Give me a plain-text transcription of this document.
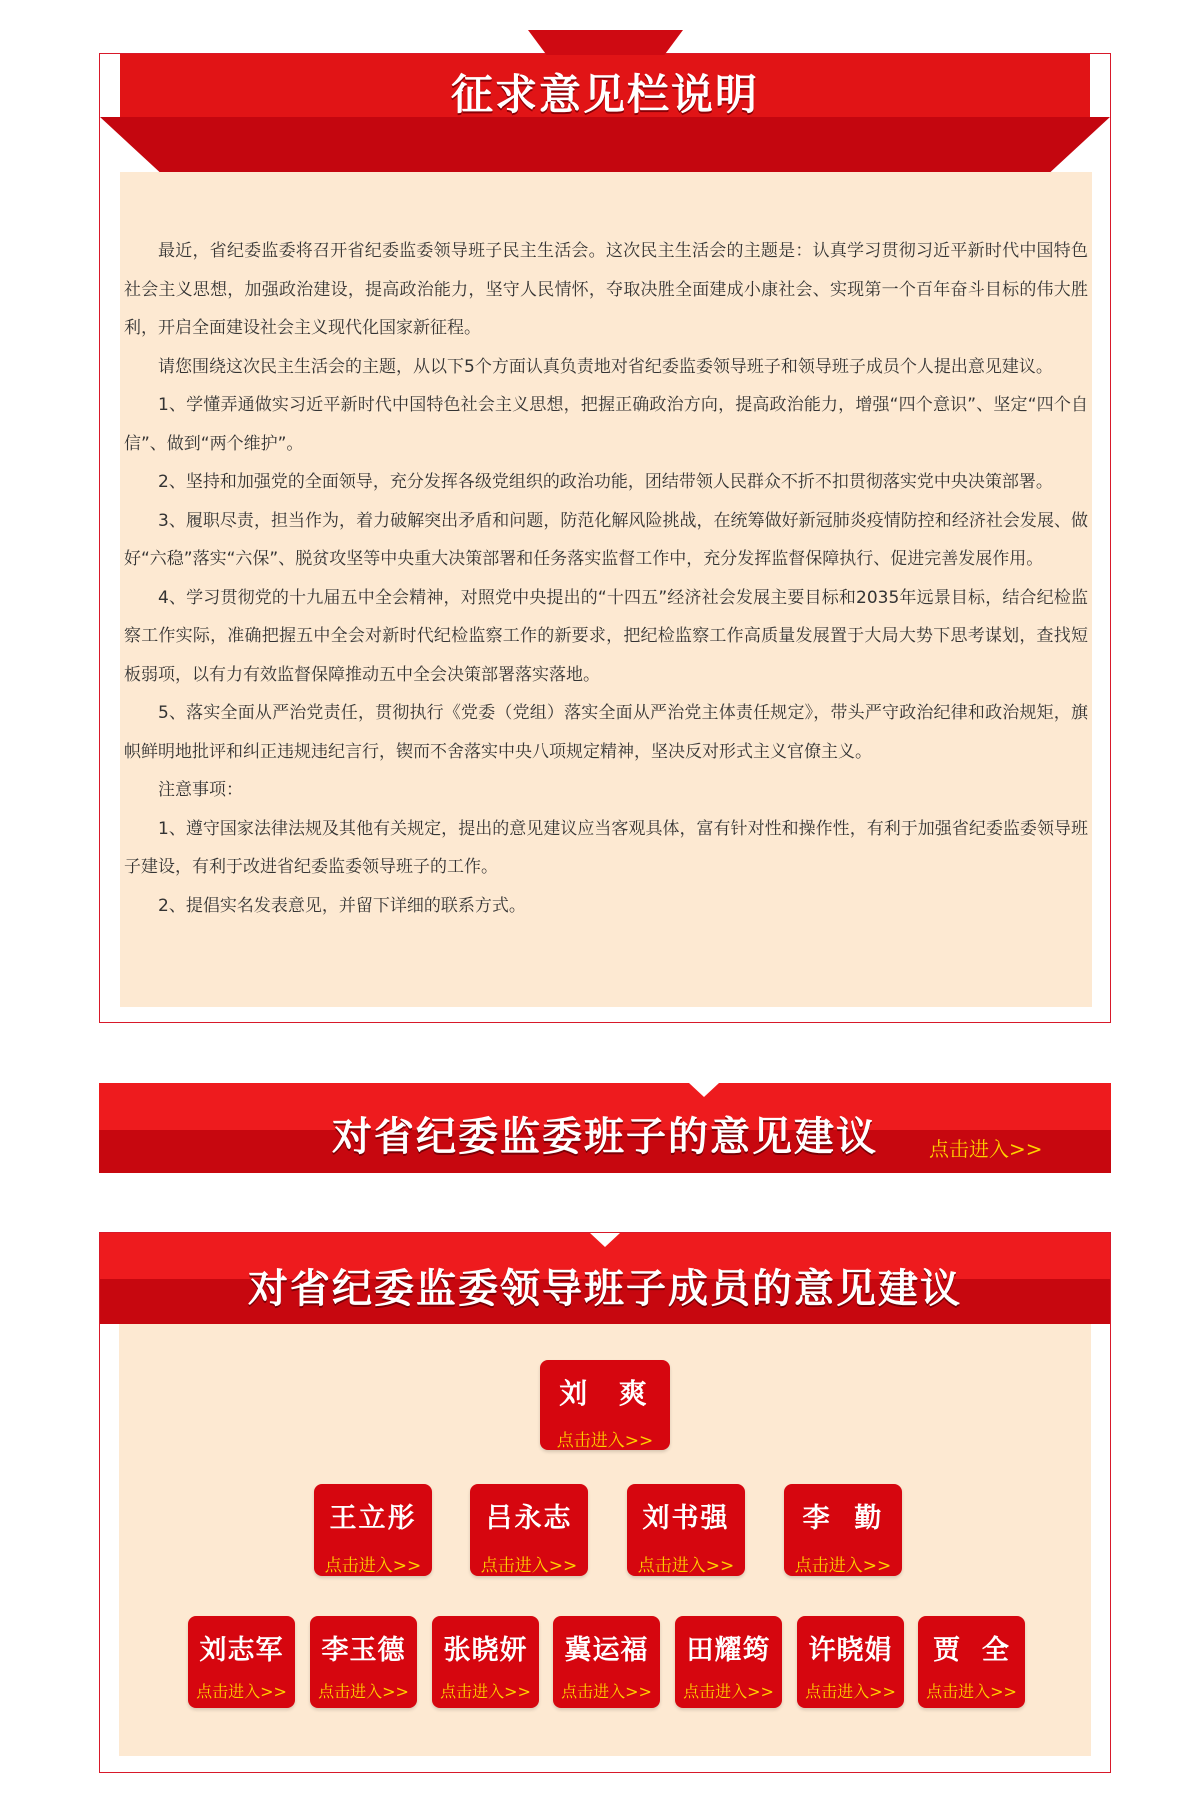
征求意见栏说明

最近，省纪委监委将召开省纪委监委领导班子民主生活会。这次民主生活会的主题是：认真学习贯彻习近平新时代中国特色社会主义思想，加强政治建设，提高政治能力，坚守人民情怀，夺取决胜全面建成小康社会、实现第一个百年奋斗目标的伟大胜利，开启全面建设社会主义现代化国家新征程。

请您围绕这次民主生活会的主题，从以下5个方面认真负责地对省纪委监委领导班子和领导班子成员个人提出意见建议。

1、学懂弄通做实习近平新时代中国特色社会主义思想，把握正确政治方向，提高政治能力，增强“四个意识”、坚定“四个自信”、做到“两个维护”。

2、坚持和加强党的全面领导，充分发挥各级党组织的政治功能，团结带领人民群众不折不扣贯彻落实党中央决策部署。

3、履职尽责，担当作为，着力破解突出矛盾和问题，防范化解风险挑战，在统筹做好新冠肺炎疫情防控和经济社会发展、做好“六稳”落实“六保”、脱贫攻坚等中央重大决策部署和任务落实监督工作中，充分发挥监督保障执行、促进完善发展作用。

4、学习贯彻党的十九届五中全会精神，对照党中央提出的“十四五”经济社会发展主要目标和2035年远景目标，结合纪检监察工作实际，准确把握五中全会对新时代纪检监察工作的新要求，把纪检监察工作高质量发展置于大局大势下思考谋划，查找短板弱项，以有力有效监督保障推动五中全会决策部署落实落地。

5、落实全面从严治党责任，贯彻执行《党委（党组）落实全面从严治党主体责任规定》，带头严守政治纪律和政治规矩，旗帜鲜明地批评和纠正违规违纪言行，锲而不舍落实中央八项规定精神，坚决反对形式主义官僚主义。

注意事项：

1、遵守国家法律法规及其他有关规定，提出的意见建议应当客观具体，富有针对性和操作性，有利于加强省纪委监委领导班子建设，有利于改进省纪委监委领导班子的工作。

2、提倡实名发表意见，并留下详细的联系方式。

对省纪委监委班子的意见建议	点击进入>>
对省纪委监委领导班子成员的意见建议
刘  爽
点击进入>>
王立彤
点击进入>>
吕永志
点击进入>>
刘书强
点击进入>>
李  勤
点击进入>>
刘志军
点击进入>>
李玉德
点击进入>>
张晓妍
点击进入>>
冀运福
点击进入>>
田耀筠
点击进入>>
许晓娟
点击进入>>
贾  全
点击进入>>
